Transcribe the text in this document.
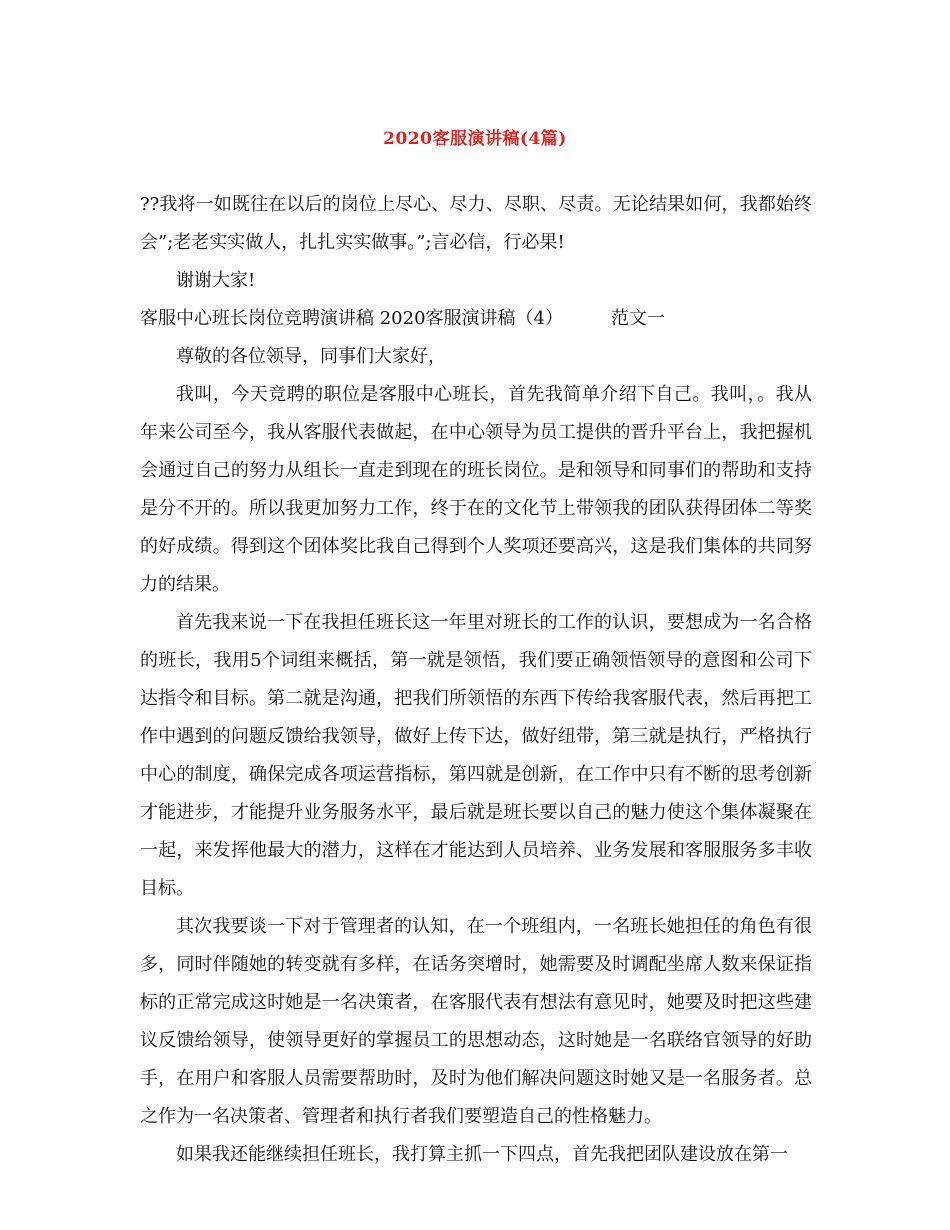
2020客服演讲稿(4篇)

??我将一如既往在以后的岗位上尽心、尽力、尽职、尽责。无论结果如何，我都始终会”;老老实实做人，扎扎实实做事。”;言必信，行必果!

谢谢大家!

客服中心班长岗位竞聘演讲稿 2020客服演讲稿（4）	范文一

尊敬的各位领导，同事们大家好，

我叫，今天竞聘的职位是客服中心班长，首先我简单介绍下自己。我叫，。我从年来公司至今，我从客服代表做起，在中心领导为员工提供的晋升平台上，我把握机会通过自己的努力从组长一直走到现在的班长岗位。是和领导和同事们的帮助和支持是分不开的。所以我更加努力工作，终于在的文化节上带领我的团队获得团体二等奖的好成绩。得到这个团体奖比我自己得到个人奖项还要高兴，这是我们集体的共同努力的结果。

首先我来说一下在我担任班长这一年里对班长的工作的认识，要想成为一名合格的班长，我用5个词组来概括，第一就是领悟，我们要正确领悟领导的意图和公司下达指令和目标。第二就是沟通，把我们所领悟的东西下传给我客服代表，然后再把工作中遇到的问题反馈给我领导，做好上传下达，做好纽带，第三就是执行，严格执行中心的制度，确保完成各项运营指标，第四就是创新，在工作中只有不断的思考创新才能进步，才能提升业务服务水平，最后就是班长要以自己的魅力使这个集体凝聚在一起，来发挥他最大的潜力，这样在才能达到人员培养、业务发展和客服服务多丰收目标。

其次我要谈一下对于管理者的认知，在一个班组内，一名班长她担任的角色有很多，同时伴随她的转变就有多样，在话务突增时，她需要及时调配坐席人数来保证指标的正常完成这时她是一名决策者，在客服代表有想法有意见时，她要及时把这些建议反馈给领导，使领导更好的掌握员工的思想动态，这时她是一名联络官领导的好助手，在用户和客服人员需要帮助时，及时为他们解决问题这时她又是一名服务者。总之作为一名决策者、管理者和执行者我们要塑造自己的性格魅力。

如果我还能继续担任班长，我打算主抓一下四点，首先我把团队建设放在第一
